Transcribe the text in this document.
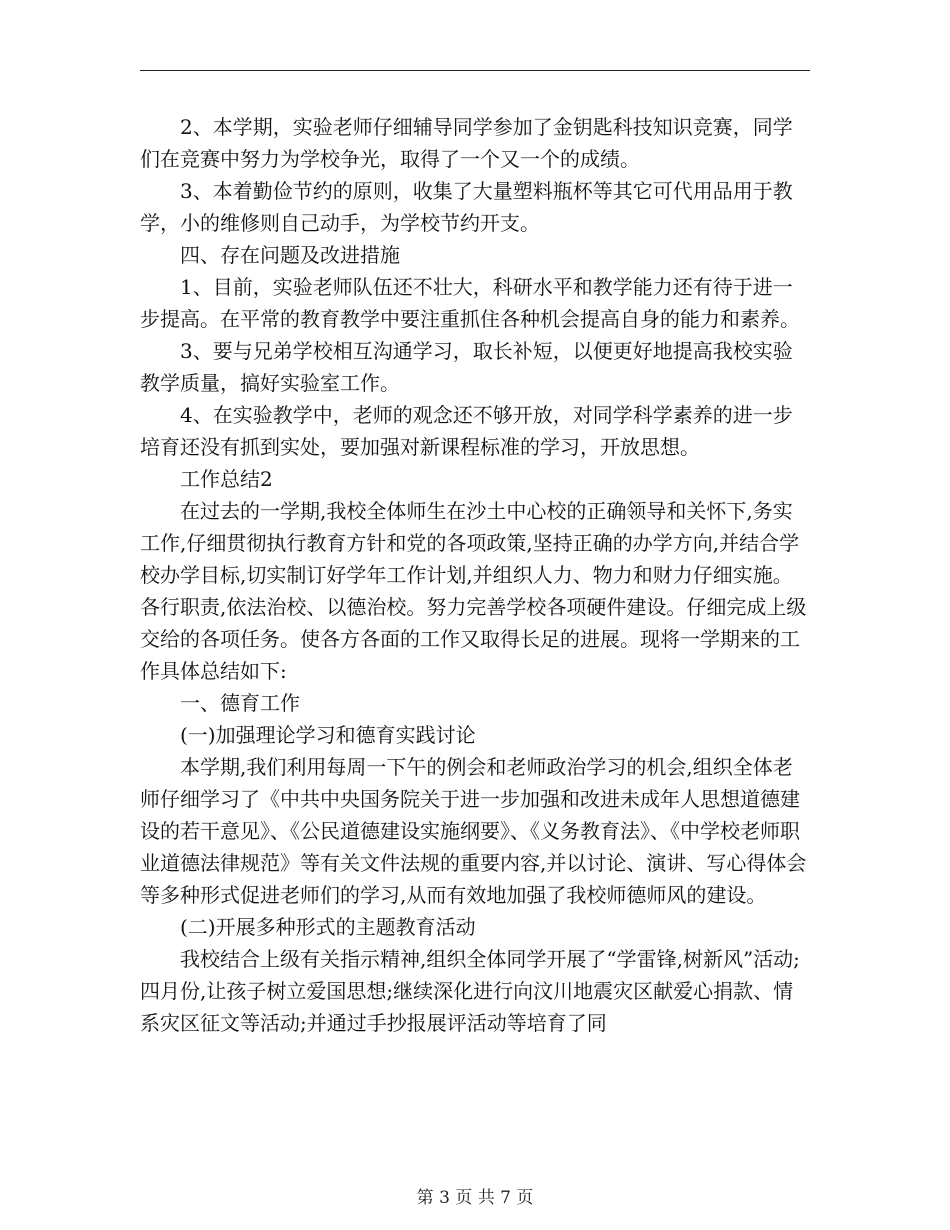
2、本学期，实验老师仔细辅导同学参加了金钥匙科技知识竞赛，同学们在竞赛中努力为学校争光，取得了一个又一个的成绩。

3、本着勤俭节约的原则，收集了大量塑料瓶杯等其它可代用品用于教学，小的维修则自己动手，为学校节约开支。

四、存在问题及改进措施

1、目前，实验老师队伍还不壮大，科研水平和教学能力还有待于进一步提高。在平常的教育教学中要注重抓住各种机会提高自身的能力和素养。

3、要与兄弟学校相互沟通学习，取长补短，以便更好地提高我校实验教学质量，搞好实验室工作。

4、在实验教学中，老师的观念还不够开放，对同学科学素养的进一步培育还没有抓到实处，要加强对新课程标准的学习，开放思想。

工作总结2

在过去的一学期,我校全体师生在沙土中心校的正确领导和关怀下,务实工作,仔细贯彻执行教育方针和党的各项政策,坚持正确的办学方向,并结合学校办学目标,切实制订好学年工作计划,并组织人力、物力和财力仔细实施。各行职责,依法治校、以德治校。努力完善学校各项硬件建设。仔细完成上级交给的各项任务。使各方各面的工作又取得长足的进展。现将一学期来的工作具体总结如下:

一、德育工作

(一)加强理论学习和德育实践讨论

本学期,我们利用每周一下午的例会和老师政治学习的机会,组织全体老师仔细学习了《中共中央国务院关于进一步加强和改进未成年人思想道德建设的若干意见》、《公民道德建设实施纲要》、《义务教育法》、《中学校老师职业道德法律规范》等有关文件法规的重要内容,并以讨论、演讲、写心得体会等多种形式促进老师们的学习,从而有效地加强了我校师德师风的建设。

(二)开展多种形式的主题教育活动

我校结合上级有关指示精神,组织全体同学开展了“学雷锋,树新风”活动;四月份,让孩子树立爱国思想;继续深化进行向汶川地震灾区献爱心捐款、情系灾区征文等活动;并通过手抄报展评活动等培育了同

第 3 页 共 7 页
